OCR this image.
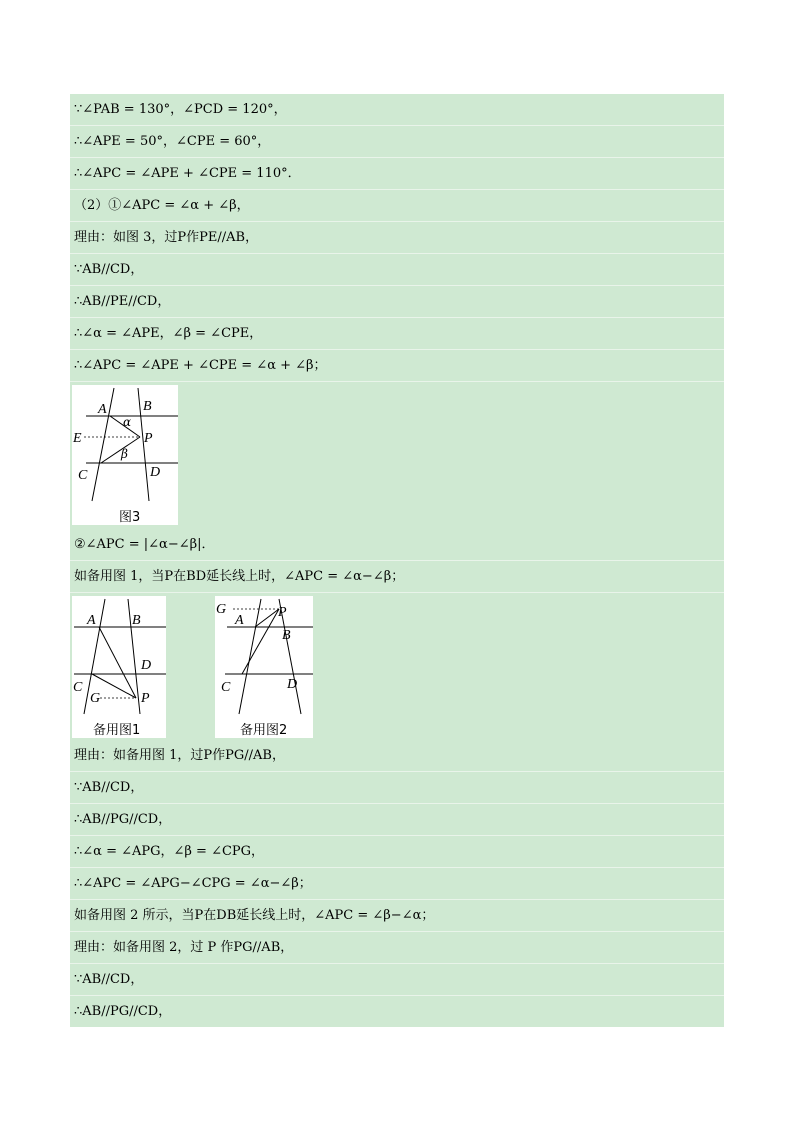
∵∠PAB = 130°，∠PCD = 120°，
∴∠APE = 50°，∠CPE = 60°，
∴∠APC = ∠APE + ∠CPE = 110°．
（2）①∠APC = ∠α + ∠β，
理由：如图 3，过P作PE//AB，
∵AB//CD，
∴AB//PE//CD，
∴∠α = ∠APE，∠β = ∠CPE，
∴∠APC = ∠APE + ∠CPE = ∠α + ∠β；
A	B
E	P
C	D
α
β
图3
②∠APC = |∠α−∠β|．
如备用图 1，当P在BD延长线上时，∠APC = ∠α−∠β；
A	B
D
C
G	P
备用图1
G	P
A
B
C	D
备用图2
理由：如备用图 1，过P作PG//AB，
∵AB//CD，
∴AB//PG//CD，
∴∠α = ∠APG，∠β = ∠CPG，
∴∠APC = ∠APG−∠CPG = ∠α−∠β；
如备用图 2 所示，当P在DB延长线上时，∠APC = ∠β−∠α；
理由：如备用图 2，过 P 作PG//AB，
∵AB//CD，
∴AB//PG//CD，
